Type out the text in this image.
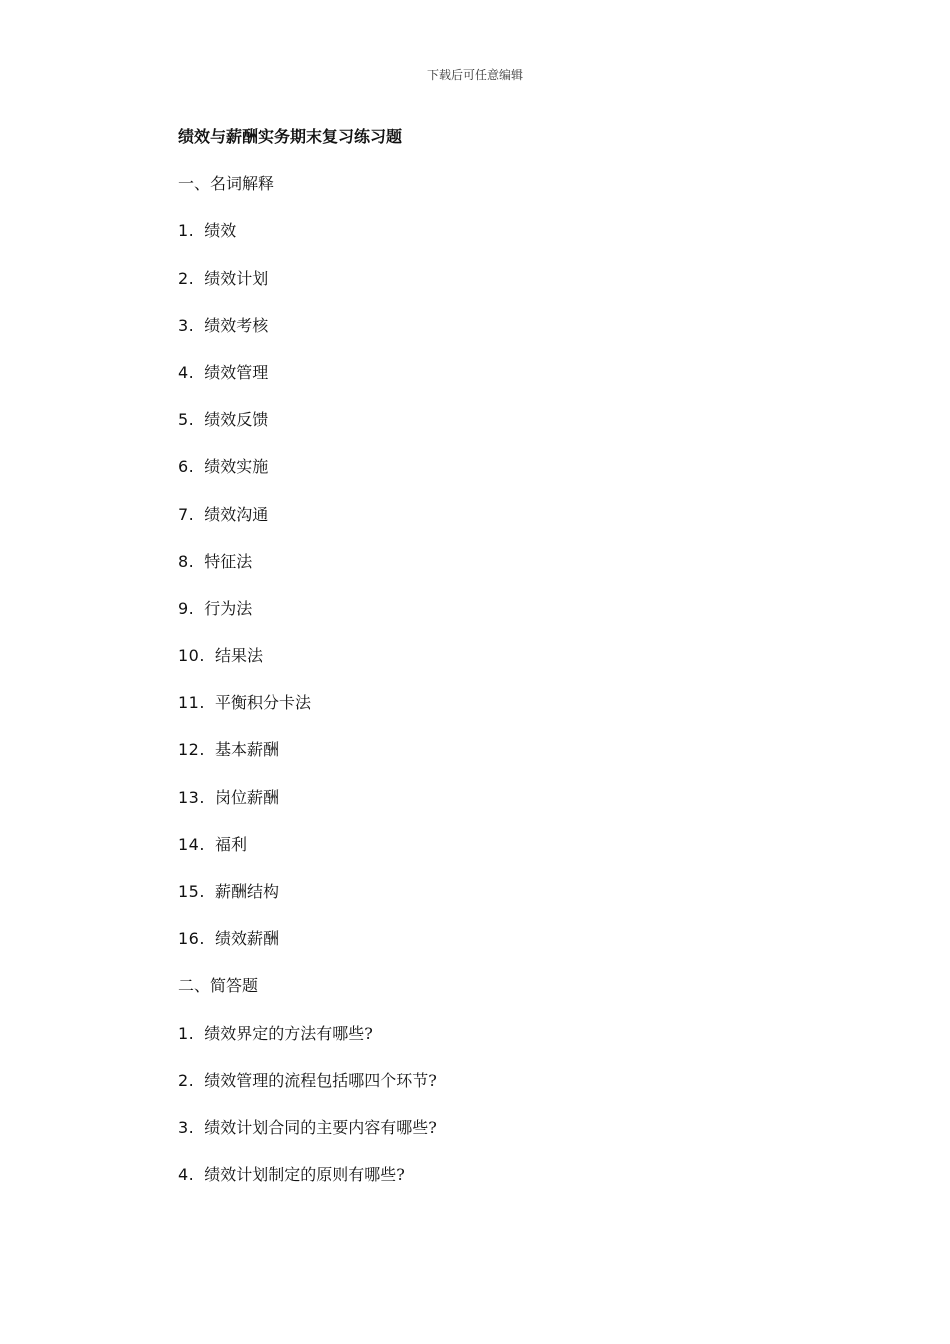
下载后可任意编辑
绩效与薪酬实务期末复习练习题
一、名词解释
1. 绩效
2. 绩效计划
3. 绩效考核
4. 绩效管理
5. 绩效反馈
6. 绩效实施
7. 绩效沟通
8. 特征法
9. 行为法
10. 结果法
11. 平衡积分卡法
12. 基本薪酬
13. 岗位薪酬
14. 福利
15. 薪酬结构
16. 绩效薪酬
二、简答题
1. 绩效界定的方法有哪些?
2. 绩效管理的流程包括哪四个环节?
3. 绩效计划合同的主要内容有哪些?
4. 绩效计划制定的原则有哪些?
